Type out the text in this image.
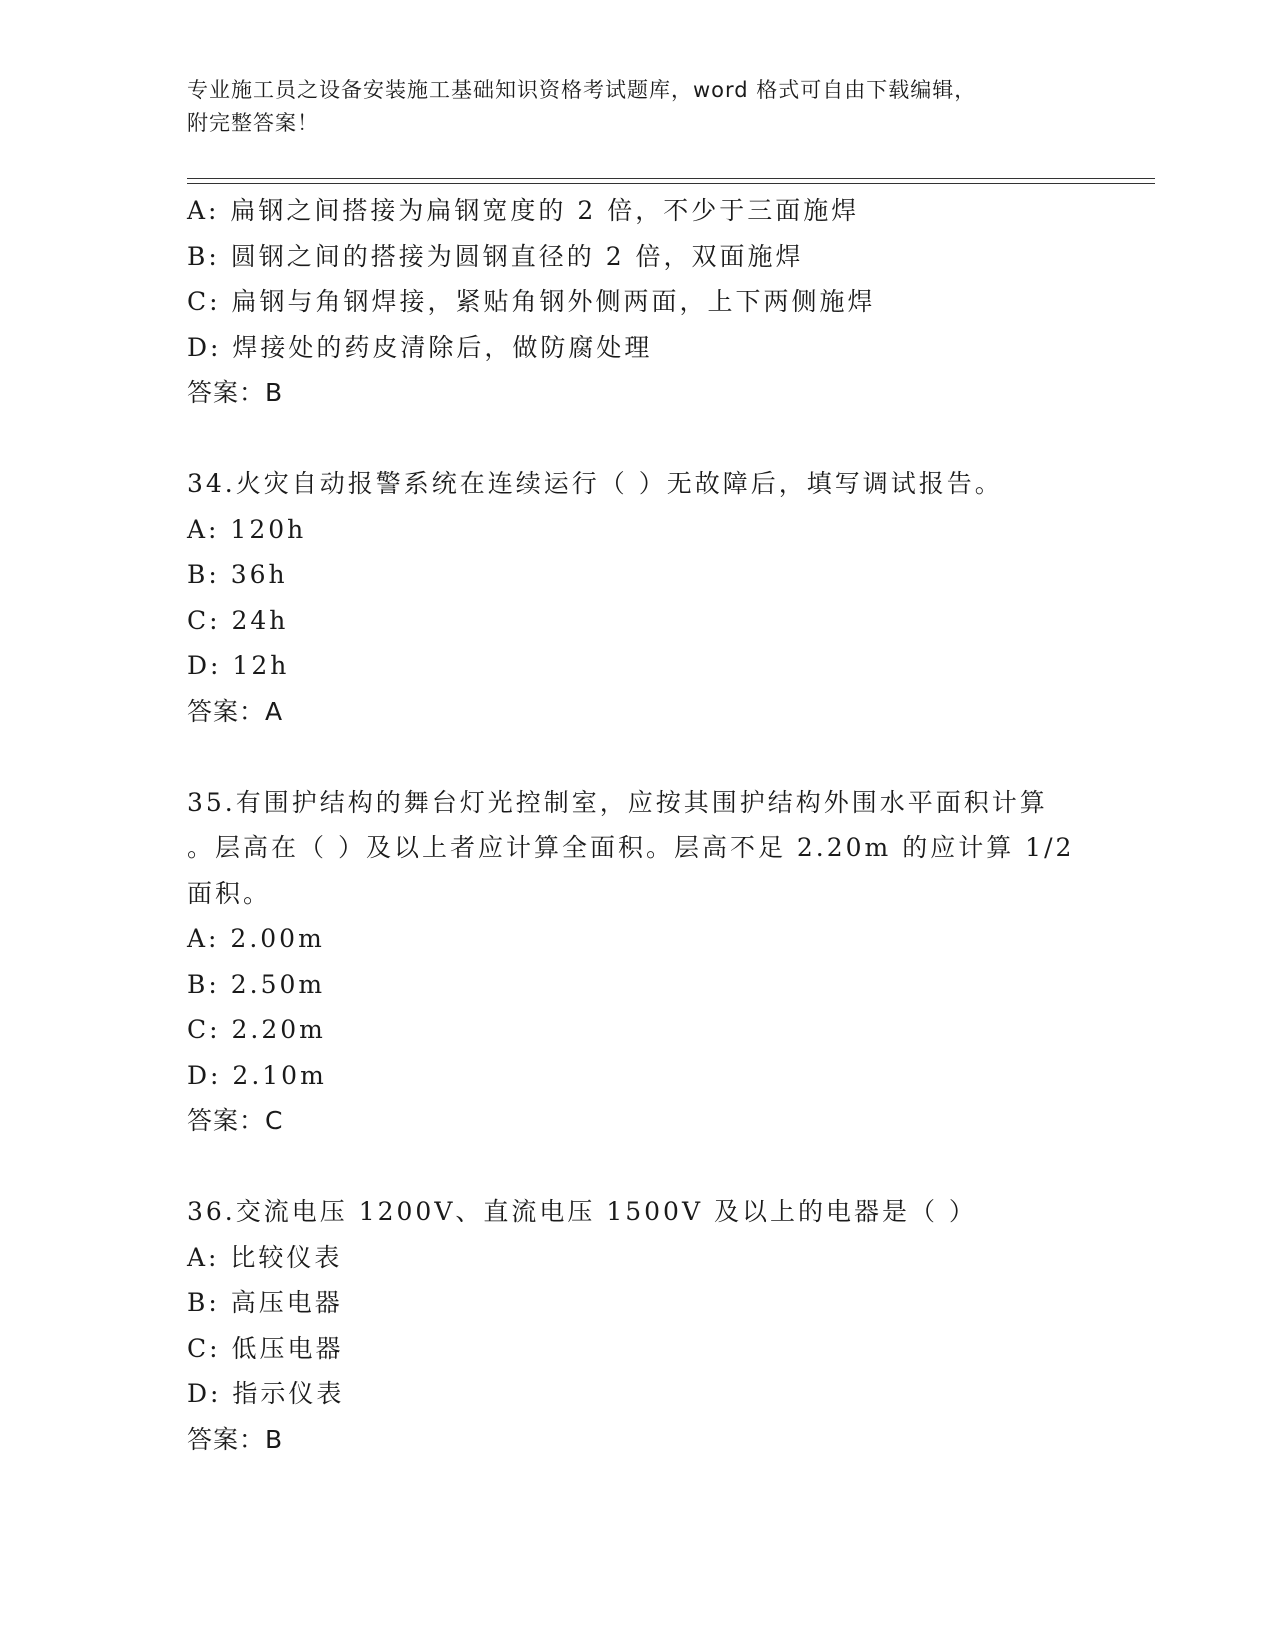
专业施工员之设备安装施工基础知识资格考试题库，word 格式可自由下载编辑，
附完整答案！
A: 扁钢之间搭接为扁钢宽度的 2 倍，不少于三面施焊
B: 圆钢之间的搭接为圆钢直径的 2 倍，双面施焊
C: 扁钢与角钢焊接，紧贴角钢外侧两面，上下两侧施焊
D: 焊接处的药皮清除后，做防腐处理
答案：B
34.火灾自动报警系统在连续运行（ ）无故障后，填写调试报告。
A: 120h
B: 36h
C: 24h
D: 12h
答案：A
35.有围护结构的舞台灯光控制室，应按其围护结构外围水平面积计算
。层高在（ ）及以上者应计算全面积。层高不足 2.20m 的应计算 1/2
面积。
A: 2.00m
B: 2.50m
C: 2.20m
D: 2.10m
答案：C
36.交流电压 1200V、直流电压 1500V 及以上的电器是（ ）
A: 比较仪表
B: 高压电器
C: 低压电器
D: 指示仪表
答案：B
